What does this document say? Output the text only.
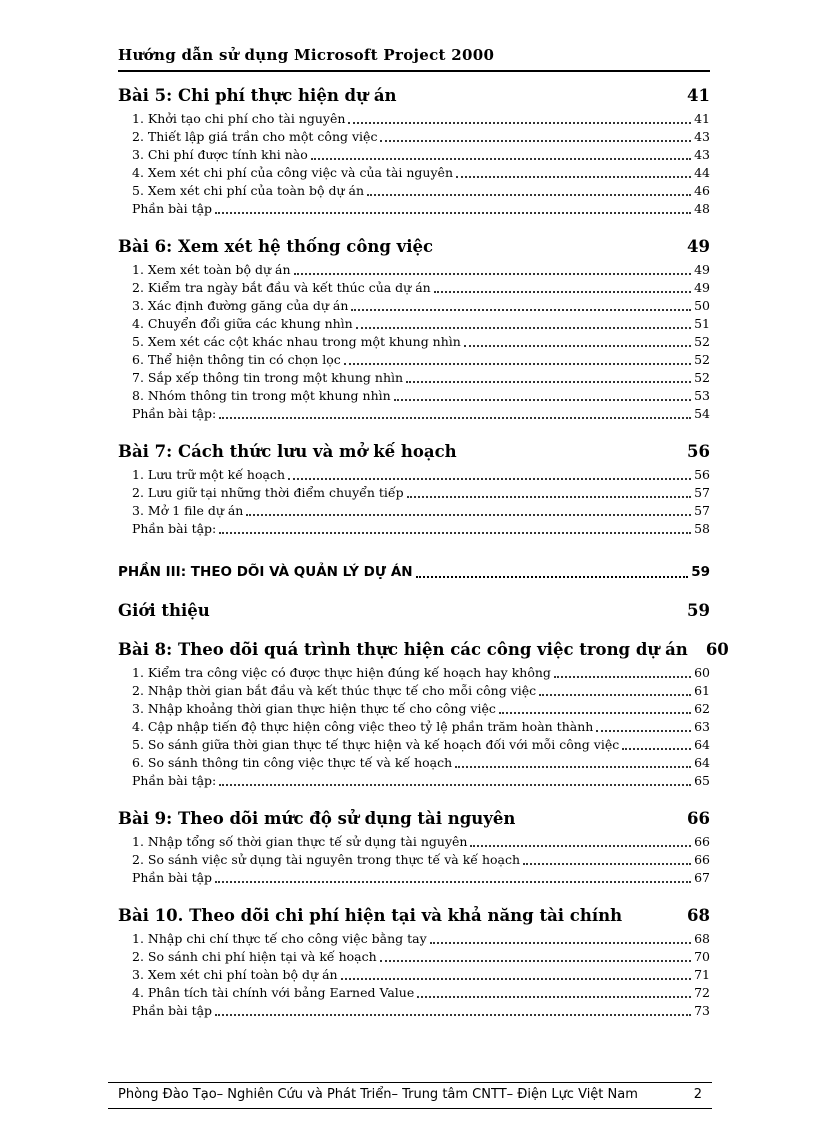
Hướng dẫn sử dụng Microsoft Project 2000
Bài 5: Chi phí thực hiện dự án	41
1. Khởi tạo chi phí cho tài nguyên	41
2. Thiết lập giá trần cho một công việc	43
3. Chi phí được tính khi nào	43
4. Xem xét chi phí của công việc và của tài nguyên	44
5. Xem xét chi phí của toàn bộ dự án	46
Phần bài tập	48
Bài 6: Xem xét hệ thống công việc	49
1. Xem xét toàn bộ dự án	49
2. Kiểm tra ngày bắt đầu và kết thúc của dự án	49
3. Xác định đường găng của dự án	50
4. Chuyển đổi giữa các khung nhìn	51
5. Xem xét các cột khác nhau trong một khung nhìn	52
6. Thể hiện thông tin có chọn lọc	52
7. Sắp xếp thông tin trong một khung nhìn	52
8. Nhóm thông tin trong một khung nhìn	53
Phần bài tập:	54
Bài 7: Cách thức lưu và mở kế hoạch	56
1. Lưu trữ một kế hoạch	56
2. Lưu giữ tại những thời điểm chuyển tiếp	57
3. Mở 1 file dự án	57
Phần bài tập:	58
PHẦN III: THEO DÕI VÀ QUẢN LÝ DỰ ÁN	59
Giới thiệu	59
Bài 8: Theo dõi quá trình thực hiện các công việc trong dự án 60
1. Kiểm tra công việc có được thực hiện đúng kế hoạch hay không	60
2. Nhập thời gian bắt đầu và kết thúc thực tế cho mỗi công việc	61
3. Nhập khoảng thời gian thực hiện thực tế cho công việc	62
4. Cập nhập tiến độ thực hiện công việc theo tỷ lệ phần trăm hoàn thành	63
5. So sánh giữa thời gian thực tế thực hiện và kế hoạch đối với mỗi công việc	64
6. So sánh thông tin công việc thực tế và kế hoạch	64
Phần bài tập:	65
Bài 9: Theo dõi mức độ sử dụng tài nguyên	66
1. Nhập tổng số thời gian thực tế sử dụng tài nguyên	66
2. So sánh việc sử dụng tài nguyên trong thực tế và kế hoạch	66
Phần bài tập	67
Bài 10. Theo dõi chi phí hiện tại và khả năng tài chính	68
1. Nhập chi chí thực tế cho công việc bằng tay	68
2. So sánh chi phí hiện tại và kế hoạch	70
3. Xem xét chi phí toàn bộ dự án	71
4. Phân tích tài chính với bảng Earned Value	72
Phần bài tập	73
Phòng Đào Tạo– Nghiên Cứu và Phát Triển– Trung tâm CNTT– Điện Lực Việt Nam	2
